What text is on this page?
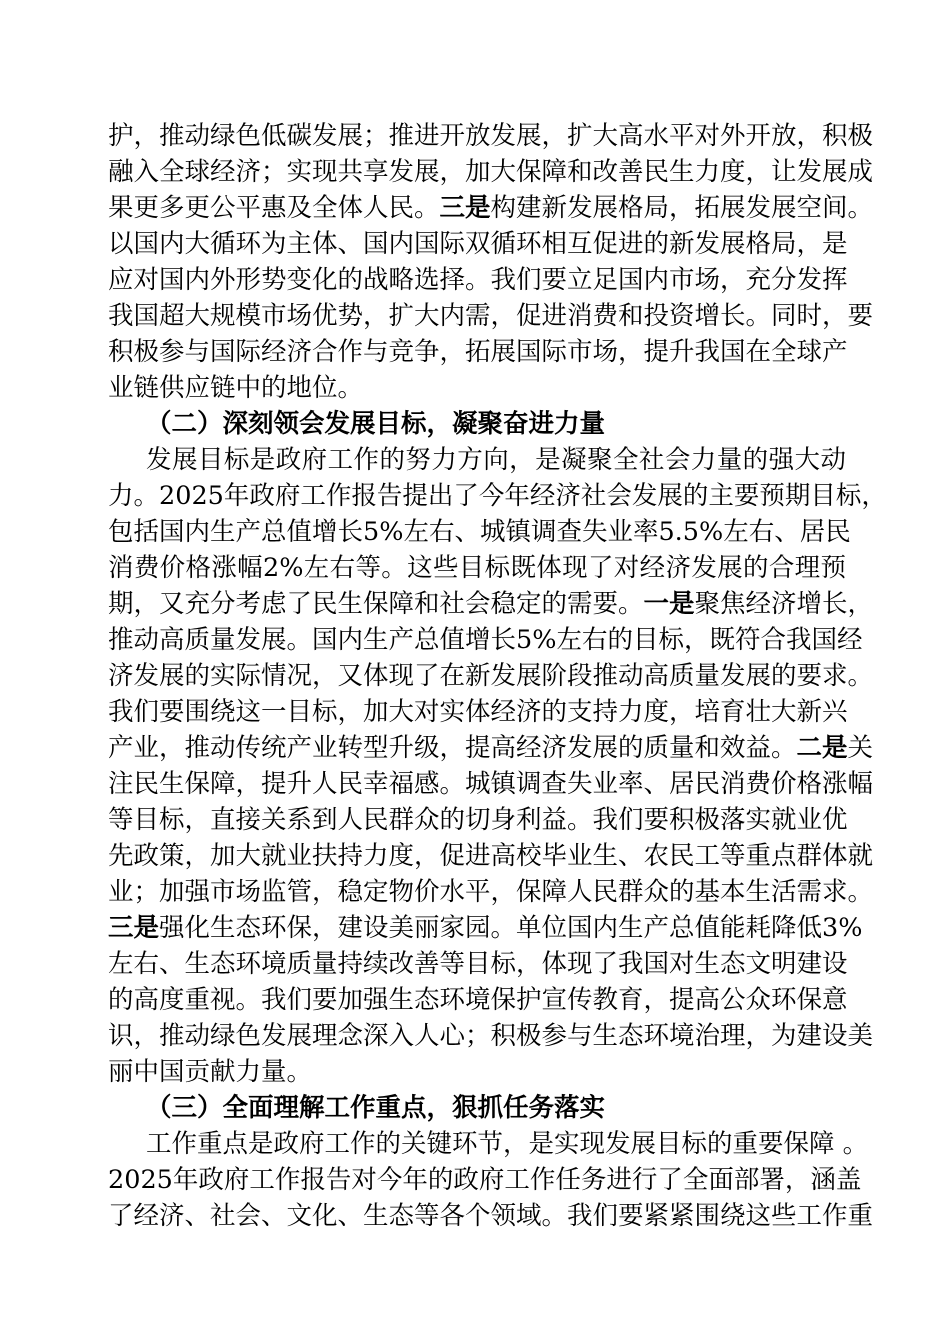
护，推动绿色低碳发展；推进开放发展，扩大高水平对外开放，积极
融入全球经济；实现共享发展，加大保障和改善民生力度，让发展成
果更多更公平惠及全体人民。三是构建新发展格局，拓展发展空间。
以国内大循环为主体、国内国际双循环相互促进的新发展格局，是
应对国内外形势变化的战略选择。我们要立足国内市场，充分发挥
我国超大规模市场优势，扩大内需，促进消费和投资增长。同时，要
积极参与国际经济合作与竞争，拓展国际市场，提升我国在全球产
业链供应链中的地位。
（二）深刻领会发展目标，凝聚奋进力量
发展目标是政府工作的努力方向，是凝聚全社会力量的强大动
力。2025年政府工作报告提出了今年经济社会发展的主要预期目标，
包括国内生产总值增长5%左右、城镇调查失业率5.5%左右、居民
消费价格涨幅2%左右等。这些目标既体现了对经济发展的合理预
期，又充分考虑了民生保障和社会稳定的需要。一是聚焦经济增长，
推动高质量发展。国内生产总值增长5%左右的目标，既符合我国经
济发展的实际情况，又体现了在新发展阶段推动高质量发展的要求。
我们要围绕这一目标，加大对实体经济的支持力度，培育壮大新兴
产业，推动传统产业转型升级，提高经济发展的质量和效益。二是关
注民生保障，提升人民幸福感。城镇调查失业率、居民消费价格涨幅
等目标，直接关系到人民群众的切身利益。我们要积极落实就业优
先政策，加大就业扶持力度，促进高校毕业生、农民工等重点群体就
业；加强市场监管，稳定物价水平，保障人民群众的基本生活需求。
三是强化生态环保，建设美丽家园。单位国内生产总值能耗降低3%
左右、生态环境质量持续改善等目标，体现了我国对生态文明建设
的高度重视。我们要加强生态环境保护宣传教育，提高公众环保意
识，推动绿色发展理念深入人心；积极参与生态环境治理，为建设美
丽中国贡献力量。
（三）全面理解工作重点，狠抓任务落实
工作重点是政府工作的关键环节，是实现发展目标的重要保障 。
2025年政府工作报告对今年的政府工作任务进行了全面部署，涵盖
了经济、社会、文化、生态等各个领域。我们要紧紧围绕这些工作重
